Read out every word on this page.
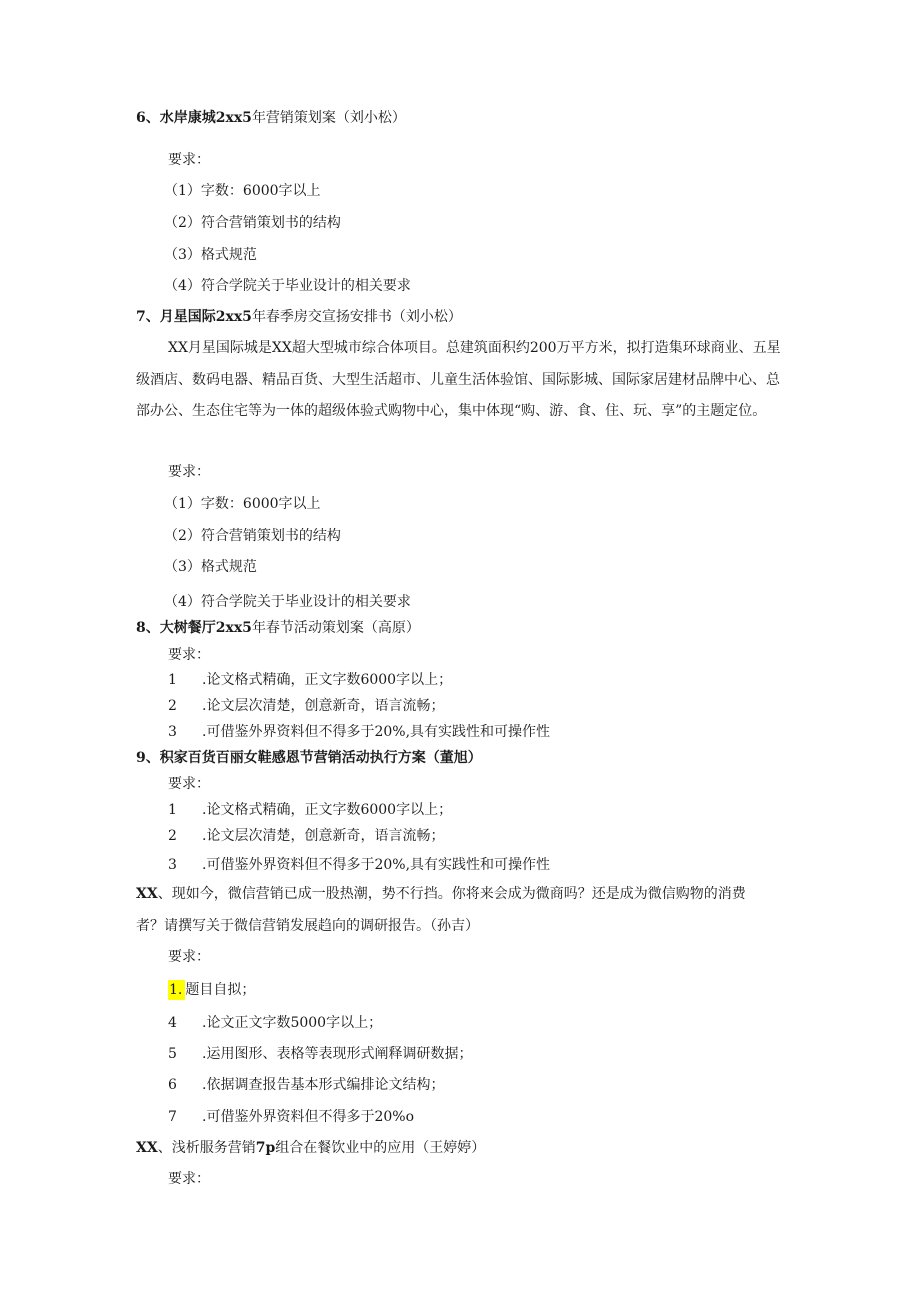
6、水岸康城2xx5年营销策划案（刘小松）
要求：
（1）字数：6000字以上
（2）符合营销策划书的结构
（3）格式规范
（4）符合学院关于毕业设计的相关要求
7、月星国际2xx5年春季房交宣扬安排书（刘小松）
XX月星国际城是XX超大型城市综合体项目。总建筑面积约200万平方米，拟打造集环球商业、五星级酒店、数码电器、精品百货、大型生活超市、儿童生活体验馆、国际影城、国际家居建材品牌中心、总部办公、生态住宅等为一体的超级体验式购物中心，集中体现“购、游、食、住、玩、享”的主题定位。
要求：
（1）字数：6000字以上
（2）符合营销策划书的结构
（3）格式规范
（4）符合学院关于毕业设计的相关要求
8、大树餐厅2xx5年春节活动策划案（高原）
要求：
1 .论文格式精确，正文字数6000字以上；
2 .论文层次清楚，创意新奇，语言流畅；
3 .可借鉴外界资料但不得多于20%,具有实践性和可操作性
9、积家百货百丽女鞋感恩节营销活动执行方案（董旭）
要求：
1 .论文格式精确，正文字数6000字以上；
2 .论文层次清楚，创意新奇，语言流畅；
3 .可借鉴外界资料但不得多于20%,具有实践性和可操作性
XX、现如今，微信营销已成一股热潮，势不行挡。你将来会成为微商吗？还是成为微信购物的消费
者？请撰写关于微信营销发展趋向的调研报告。（孙吉）
要求：
1. 题目自拟；
4 .论文正文字数5000字以上；
5 .运用图形、表格等表现形式阐释调研数据；
6 .依据调查报告基本形式编排论文结构；
7 .可借鉴外界资料但不得多于20%o
XX、浅析服务营销7p组合在餐饮业中的应用（王婷婷）
要求：
